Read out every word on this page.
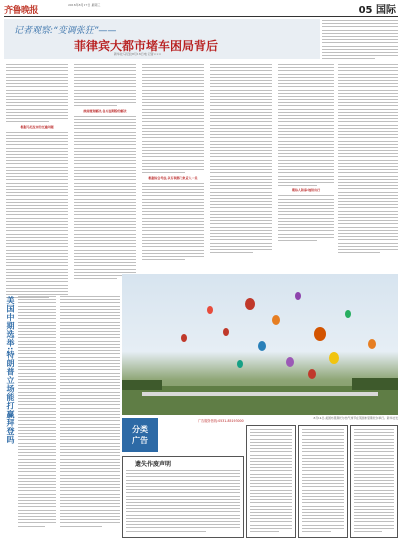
齐鲁晚报
2016年8月17日 星期三	05 国际
记者观察:“变调张狂”——
菲律宾大都市堵车困局背后
新华社马尼拉8月16日电 记者×××
根据马尼拉市的交通问题
政府施划解决,各方面期盼的解决
根据综合考虑,以专项部门负责人一员
期待人和事:地铁出行
美国中期选举:特朗普立场能打赢拜登吗	8月14日,美国布里斯托尔热气球节在英国布里斯托尔举行。新华社发
分类
广告
广告服务热线:0531-85193000
遗失作废声明
